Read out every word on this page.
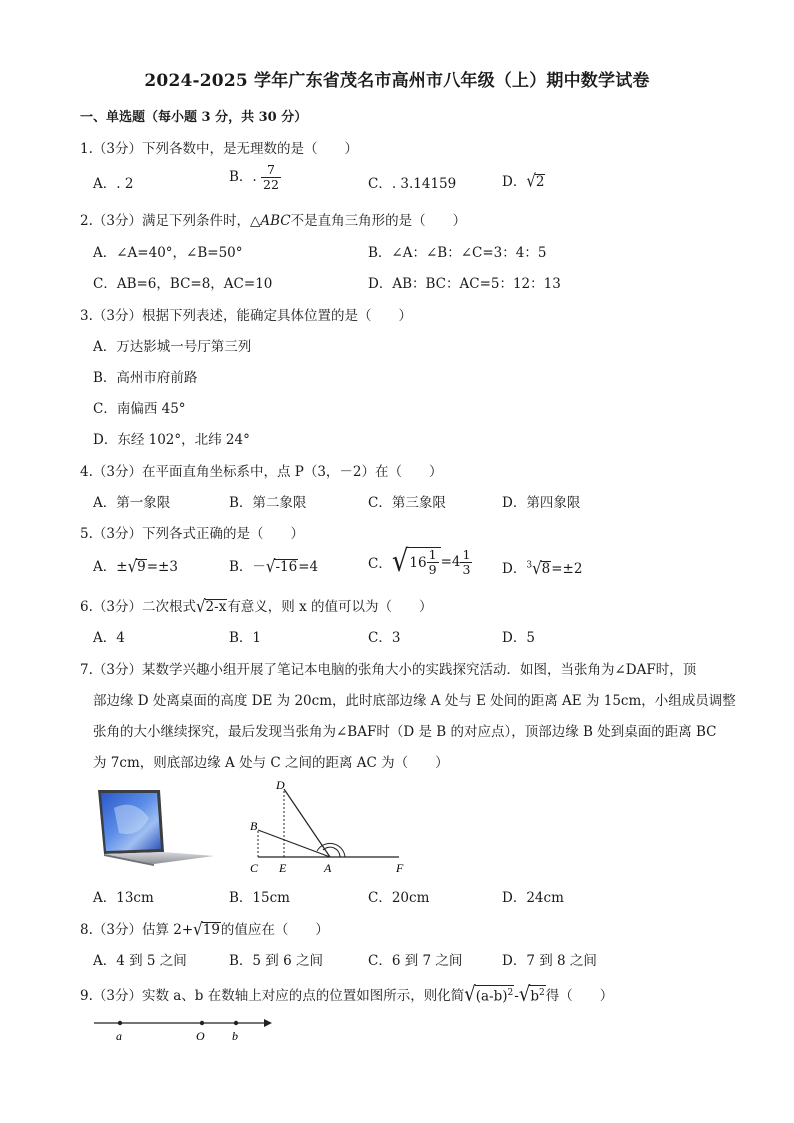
2024-2025 学年广东省茂名市高州市八年级（上）期中数学试卷
一、单选题（每小题 3 分，共 30 分）
1.（3分）下列各数中，是无理数的是（　　）
A．. 2	B．. $\frac{7}{22}$	C．. 3.14159	D．√2
2.（3分）满足下列条件时，△ABC不是直角三角形的是（　　）
A．∠A=40°，∠B=50°	B．∠A：∠B：∠C=3：4：5
C．AB=6，BC=8，AC=10	D．AB：BC：AC=5：12：13
3.（3分）根据下列表述，能确定具体位置的是（　　）
A．万达影城一号厅第三列
B．高州市府前路
C．南偏西 45°
D．东经 102°，北纬 24°
4.（3分）在平面直角坐标系中，点 P（3，－2）在（　　）
A．第一象限	B．第二象限	C．第三象限	D．第四象限
5.（3分）下列各式正确的是（　　）
A．±√9=±3	B．－√-16=4	C． √ $16 \frac{1}{9} =4 \frac{1}{3}$ D．$^3$√8=±2
6.（3分）二次根式√2-x有意义，则 x 的值可以为（　　）
A．4	B．1	C．3	D．5
7.（3分）某数学兴趣小组开展了笔记本电脑的张角大小的实践探究活动．如图，当张角为∠DAF时，顶
部边缘 D 处离桌面的高度 DE 为 20cm，此时底部边缘 A 处与 E 处间的距离 AE 为 15cm，小组成员调整
张角的大小继续探究，最后发现当张角为∠BAF时（D 是 B 的对应点），顶部边缘 B 处到桌面的距离 BC
为 7cm，则底部边缘 A 处与 C 之间的距离 AC 为（　　）
D
B
C E	A	F
A．13cm	B．15cm	C．20cm	D．24cm
8.（3分）估算 2+√19的值应在（　　）
A．4 到 5 之间	B．5 到 6 之间	C．6 到 7 之间	D．7 到 8 之间
9.（3分）实数 a、b 在数轴上对应的点的位置如图所示，则化简$√(a-b)^2-√b^2$得（　　）
a	O b
